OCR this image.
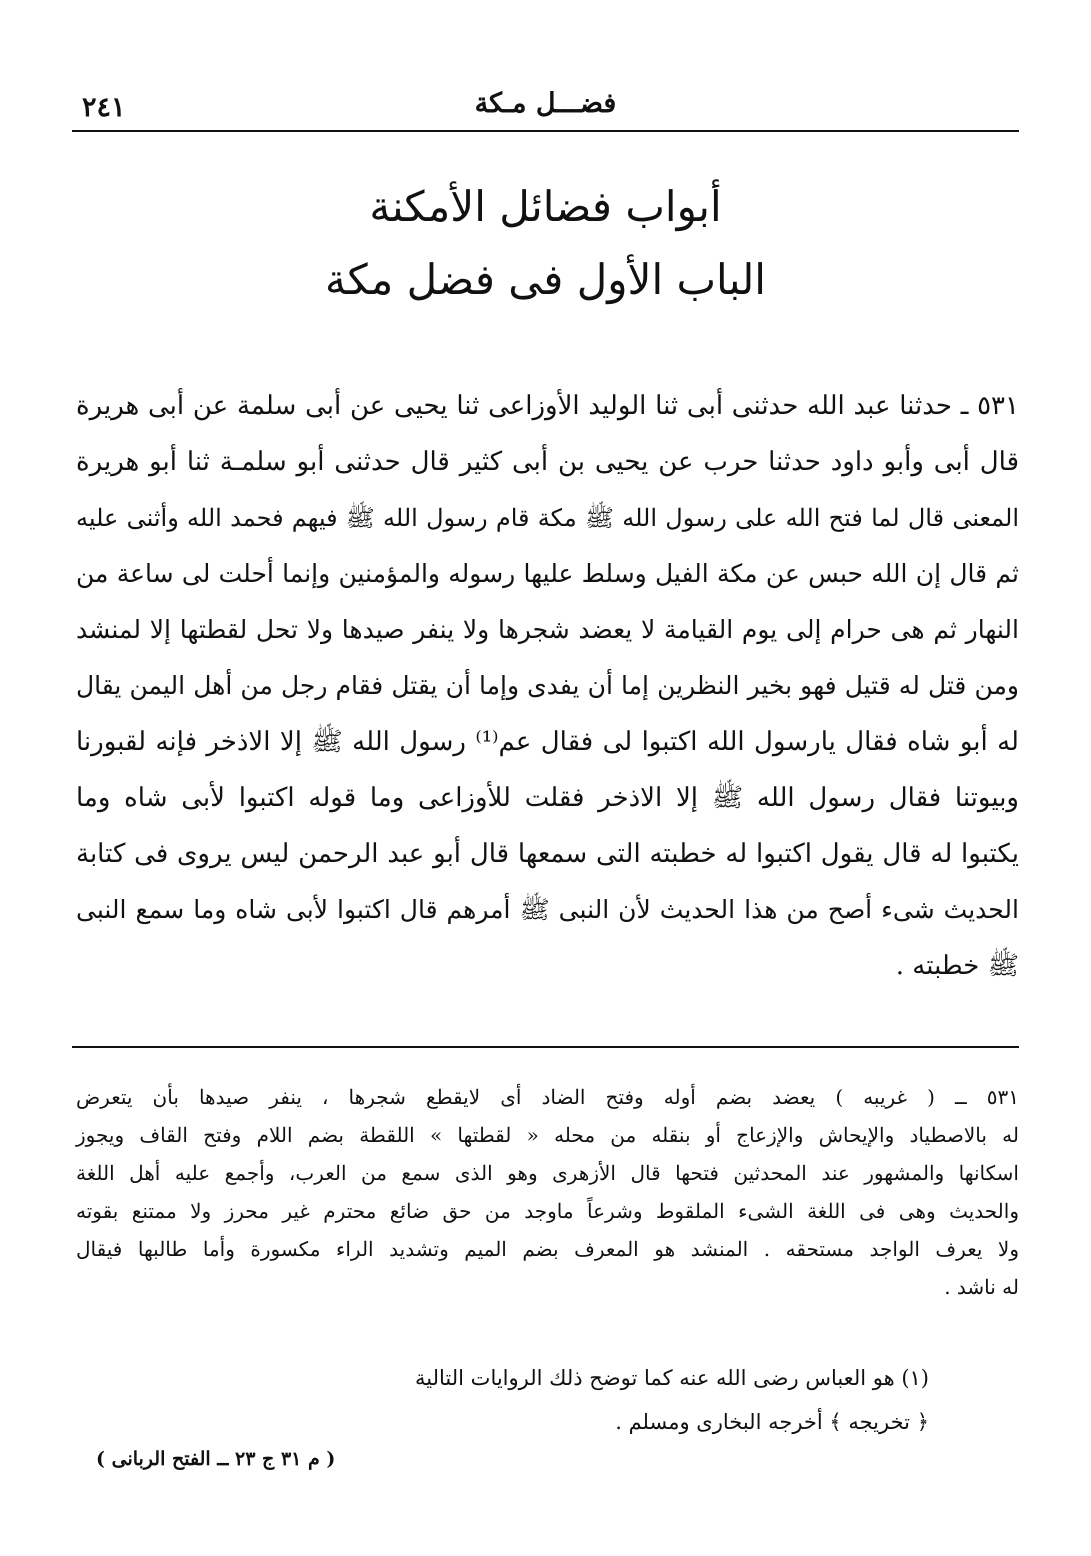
٢٤١	فضـــل مـكة
أبواب فضائل الأمكنة
الباب الأول فى فضل مكة
٥٣١ ـ حدثنا عبد الله حدثنى أبى ثنا الوليد الأوزاعى ثنا يحيى عن أبى سلمة عن أبى هريرة
قال أبى وأبو داود حدثنا حرب عن يحيى بن أبى كثير قال حدثنى أبو سلمـة ثنا أبو هريرة
المعنى قال لما فتح الله على رسول الله ﷺ مكة قام رسول الله ﷺ فيهم فحمد الله وأثنى عليه
ثم قال إن الله حبس عن مكة الفيل وسلط عليها رسوله والمؤمنين وإنما أحلت لى ساعة من
النهار ثم هى حرام إلى يوم القيامة لا يعضد شجرها ولا ينفر صيدها ولا تحل لقطتها إلا لمنشد
ومن قتل له قتيل فهو بخير النظرين إما أن يفدى وإما أن يقتل فقام رجل من أهل اليمن يقال
له أبو شاه فقال يارسول الله اكتبوا لى فقال عم⁽¹⁾ رسول الله ﷺ إلا الاذخر فإنه لقبورنا
وبيوتنا فقال رسول الله ﷺ إلا الاذخر فقلت للأوزاعى وما قوله اكتبوا لأبى شاه وما
يكتبوا له قال يقول اكتبوا له خطبته التى سمعها قال أبو عبد الرحمن ليس يروى فى كتابة
الحديث شىء أصح من هذا الحديث لأن النبى ﷺ أمرهم قال اكتبوا لأبى شاه وما سمع النبى
ﷺ خطبته .
٥٣١ ــ ( غريبه ) يعضد بضم أوله وفتح الضاد أى لايقطع شجرها ، ينفر صيدها بأن يتعرض
له بالاصطياد والإيحاش والإزعاج أو بنقله من محله « لقطتها » اللقطة بضم اللام وفتح القاف ويجوز
اسكانها والمشهور عند المحدثين فتحها قال الأزهرى وهو الذى سمع من العرب، وأجمع عليه أهل اللغة
والحديث وهى فى اللغة الشىء الملقوط وشرعاً ماوجد من حق ضائع محترم غير محرز ولا ممتنع بقوته
ولا يعرف الواجد مستحقه . المنشد هو المعرف بضم الميم وتشديد الراء مكسورة وأما طالبها فيقال
له ناشد .
(١) هو العباس رضى الله عنه كما توضح ذلك الروايات التالية
﴿ تخريجه ﴾ أخرجه البخارى ومسلم .
( م ٣١ ج ٢٣ ــ الفتح الربانى )
